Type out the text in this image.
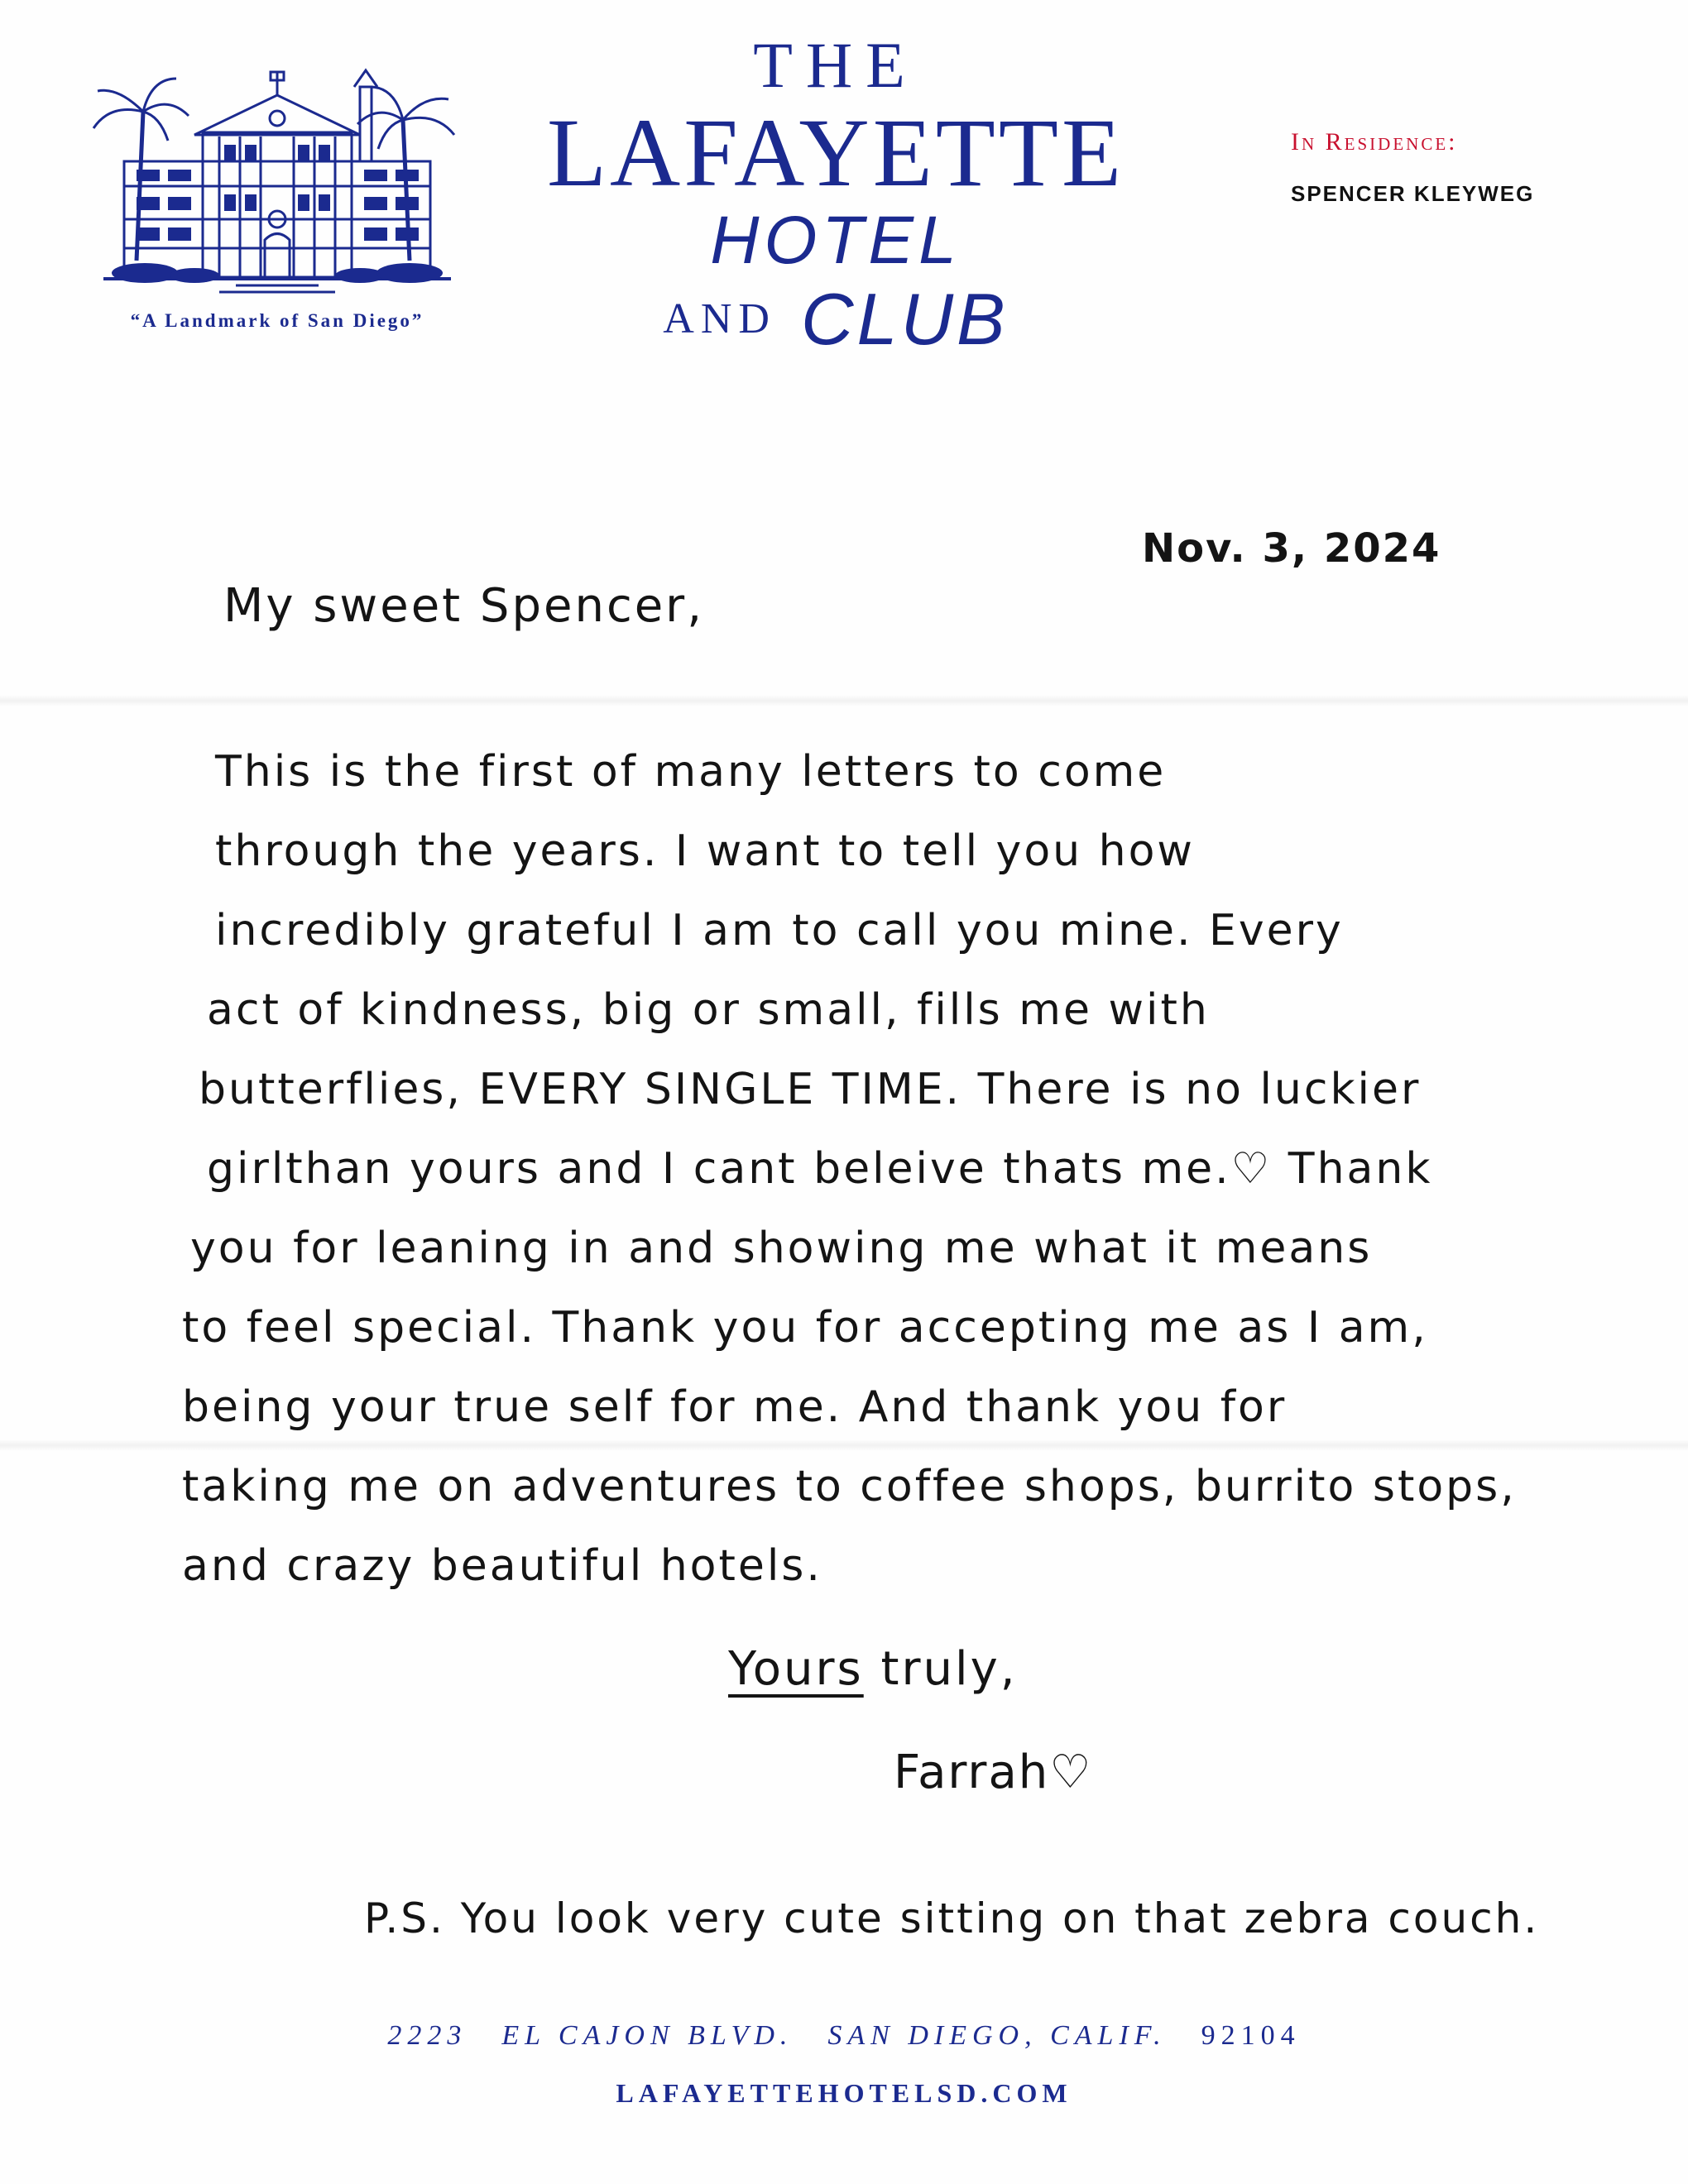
“A Landmark of San Diego”
THE
LAFAYETTE
HOTEL
AND CLUB
In Residence:
SPENCER KLEYWEG
Nov. 3, 2024
My sweet Spencer,
This is the first of many letters to come
through the years. I want to tell you how
incredibly grateful I am to call you mine. Every
act of kindness, big or small, fills me with
butterflies, EVERY SINGLE TIME. There is no luckier
girlthan yours and I cant beleive thats me.♡ Thank
you for leaning in and showing me what it means
to feel special. Thank you for accepting me as I am,
being your true self for me. And thank you for
taking me on adventures to coffee shops, burrito stops,
and crazy beautiful hotels.
Yours truly,
Farrah♡
P.S. You look very cute sitting on that zebra couch.
2223 EL CAJON BLVD. SAN DIEGO, CALIF. 92104
LAFAYETTEHOTELSD.COM
